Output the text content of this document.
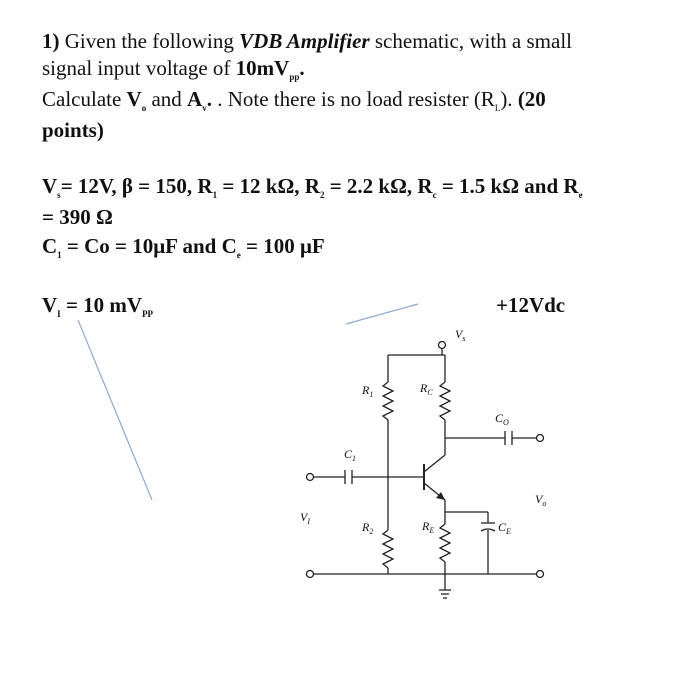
1) Given the following VDB Amplifier schematic, with a small
signal input voltage of $10mV_{pp}$.
Calculate $V_o$ and $A_v$. . Note there is no load resister $(R_L)$. (20
points)
$V_s= 12V$, β = 150, $R_1 = 12$ kΩ, $R_2 = 2.2$ kΩ, $R_c = 1.5$ kΩ and $R_e$
= 390 Ω
$C_1 = Co = 10\mu F$ and $C_e = 100$ μF
$V_I = 10$ $mV_{PP}$	+12Vdc
$V_s$
$R_1$	$R_C$
$C_O$
$C_1$
$V_o$
$V_I$	$R_2$	$R_E$	$C_E$
